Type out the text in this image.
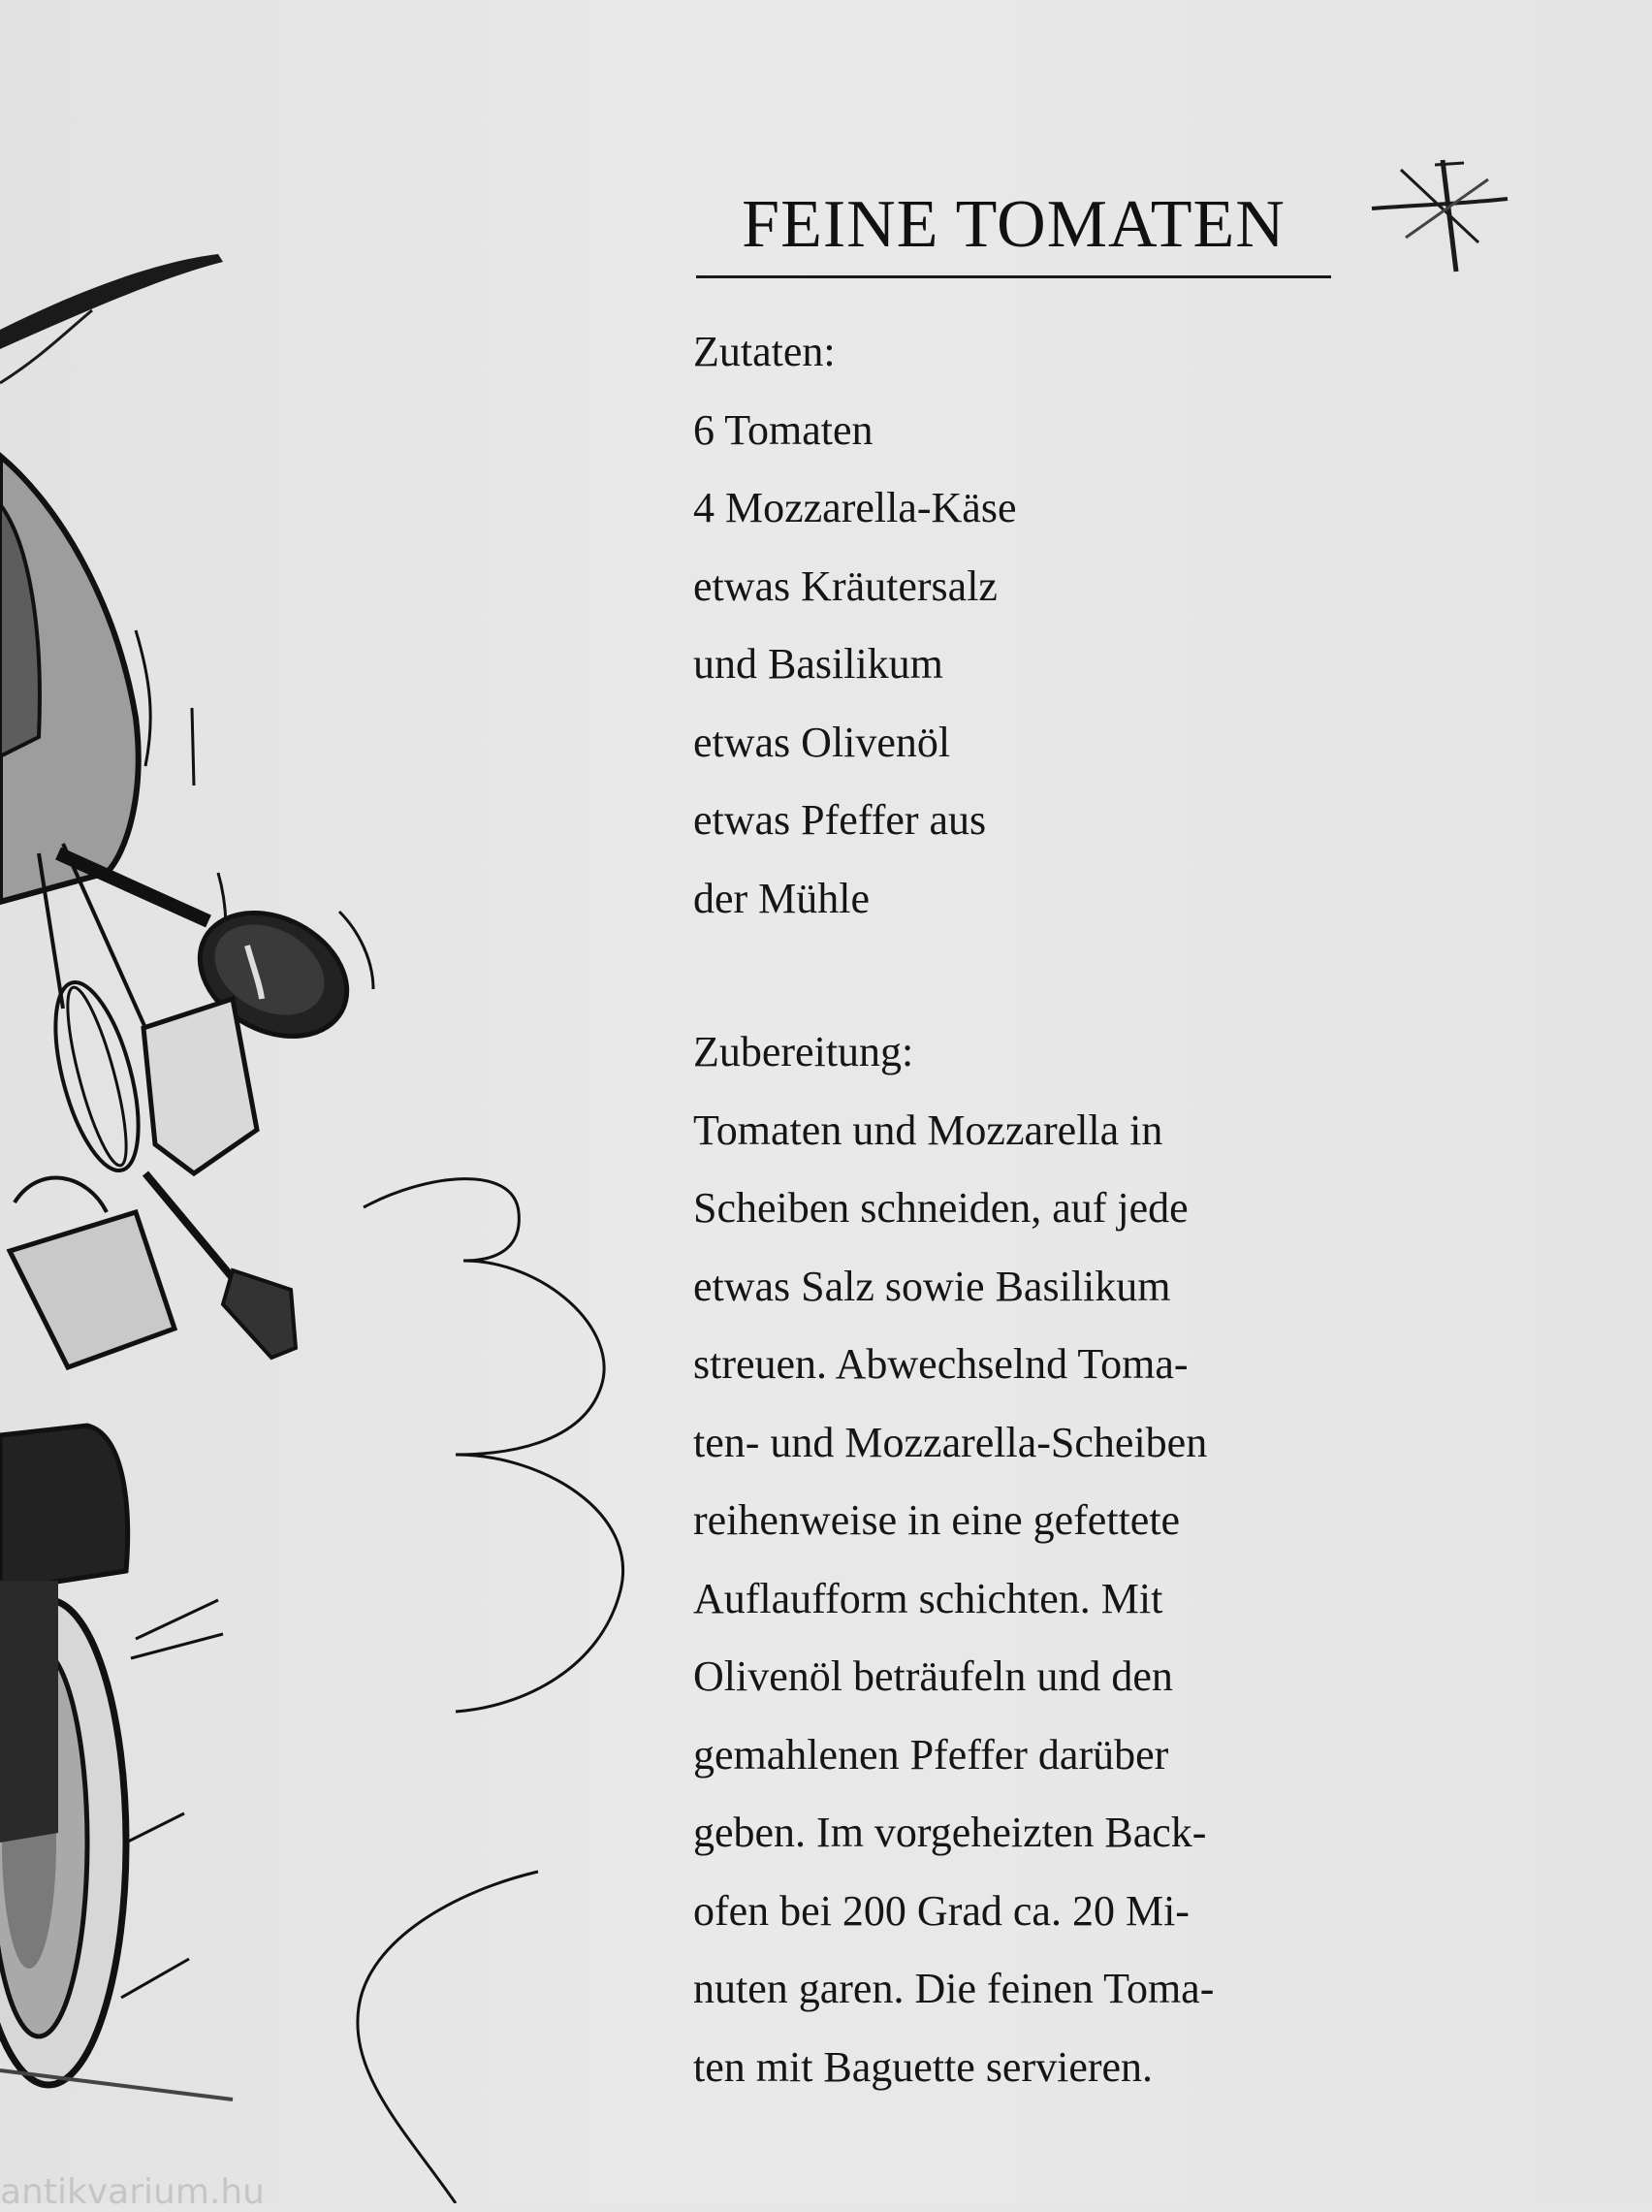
FEINE TOMATEN
Zutaten:
6 Tomaten
4 Mozzarella-Käse
etwas Kräutersalz
und Basilikum
etwas Olivenöl
etwas Pfeffer aus
der Mühle
Zubereitung:
Tomaten und Mozzarella in
Scheiben schneiden, auf jede
etwas Salz sowie Basilikum
streuen. Abwechselnd Toma-
ten- und Mozzarella-Scheiben
reihenweise in eine gefettete
Auflaufform schichten. Mit
Olivenöl beträufeln und den
gemahlenen Pfeffer darüber
geben. Im vorgeheizten Back-
ofen bei 200 Grad ca. 20 Mi-
nuten garen. Die feinen Toma-
ten mit Baguette servieren.
antikvarium.hu
